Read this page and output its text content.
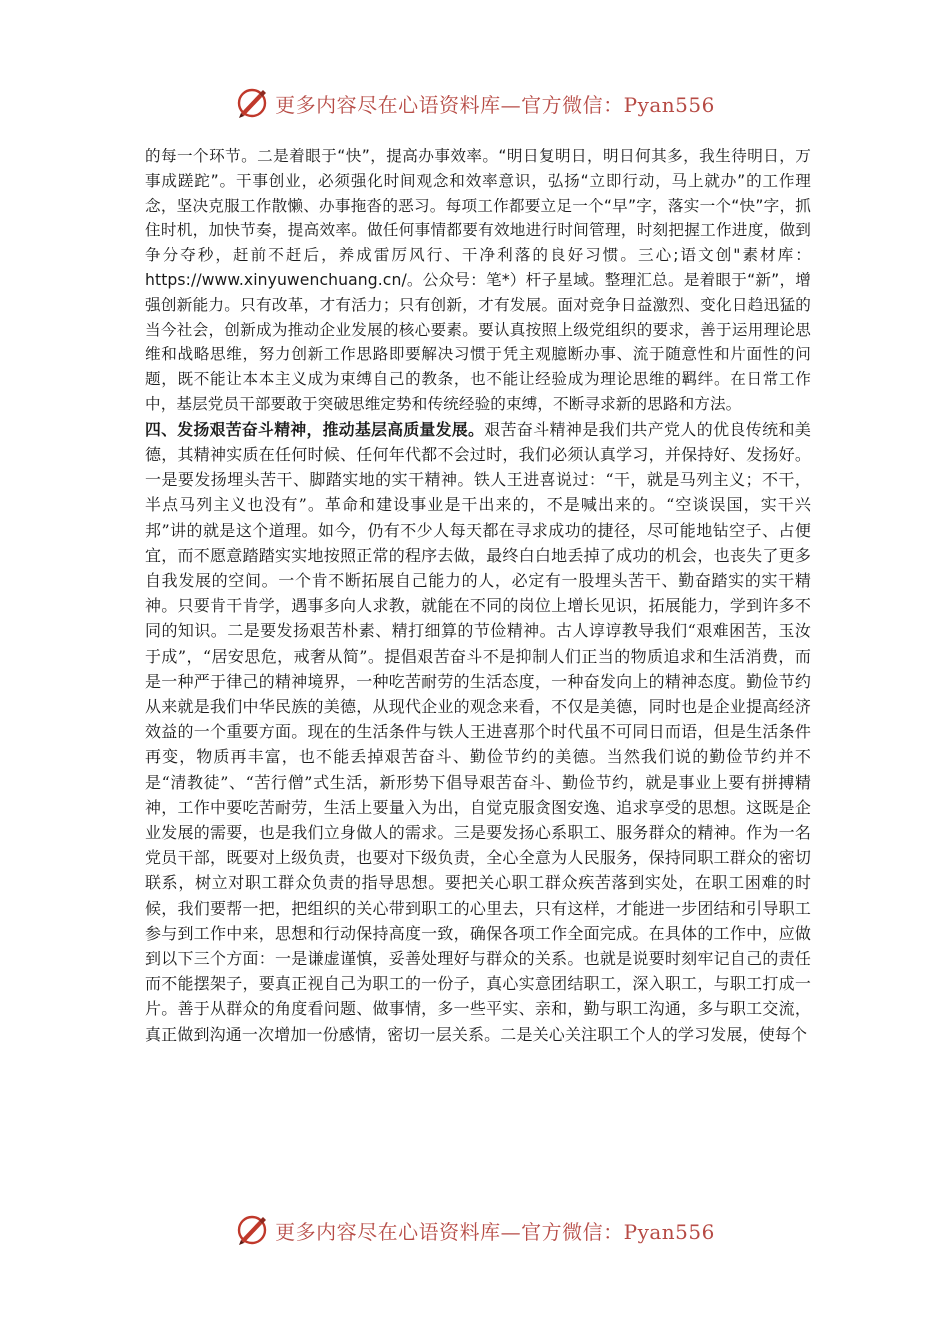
更多内容尽在心语资料库—官方微信：Pyan556

的每一个环节。二是着眼于“快”，提高办事效率。“明日复明日，明日何其多，我生待明日，万事成蹉跎”。干事创业，必须强化时间观念和效率意识，弘扬“立即行动，马上就办”的工作理念，坚决克服工作散懒、办事拖沓的恶习。每项工作都要立足一个“早”字，落实一个“快”字，抓住时机，加快节奏，提高效率。做任何事情都要有效地进行时间管理，时刻把握工作进度，做到争分夺秒，赶前不赶后，养成雷厉风行、干净利落的良好习惯。三心;语文创"素材库：https://www.xinyuwenchuang.cn/。公众号：笔*）杆子星域。整理汇总。是着眼于“新”，增强创新能力。只有改革，才有活力；只有创新，才有发展。面对竞争日益激烈、变化日趋迅猛的当今社会，创新成为推动企业发展的核心要素。要认真按照上级党组织的要求，善于运用理论思维和战略思维，努力创新工作思路即要解决习惯于凭主观臆断办事、流于随意性和片面性的问题，既不能让本本主义成为束缚自己的教条，也不能让经验成为理论思维的羁绊。在日常工作中，基层党员干部要敢于突破思维定势和传统经验的束缚，不断寻求新的思路和方法。

四、发扬艰苦奋斗精神，推动基层高质量发展。艰苦奋斗精神是我们共产党人的优良传统和美德，其精神实质在任何时候、任何年代都不会过时，我们必须认真学习，并保持好、发扬好。一是要发扬埋头苦干、脚踏实地的实干精神。铁人王进喜说过：“干，就是马列主义；不干，半点马列主义也没有”。革命和建设事业是干出来的，不是喊出来的。“空谈误国，实干兴邦”讲的就是这个道理。如今，仍有不少人每天都在寻求成功的捷径，尽可能地钻空子、占便宜，而不愿意踏踏实实地按照正常的程序去做，最终白白地丢掉了成功的机会，也丧失了更多自我发展的空间。一个肯不断拓展自己能力的人，必定有一股埋头苦干、勤奋踏实的实干精神。只要肯干肯学，遇事多向人求教，就能在不同的岗位上增长见识，拓展能力，学到许多不同的知识。二是要发扬艰苦朴素、精打细算的节俭精神。古人谆谆教导我们“艰难困苦，玉汝于成”，“居安思危，戒奢从简”。提倡艰苦奋斗不是抑制人们正当的物质追求和生活消费，而是一种严于律己的精神境界，一种吃苦耐劳的生活态度，一种奋发向上的精神态度。勤俭节约从来就是我们中华民族的美德，从现代企业的观念来看，不仅是美德，同时也是企业提高经济效益的一个重要方面。现在的生活条件与铁人王进喜那个时代虽不可同日而语，但是生活条件再变，物质再丰富，也不能丢掉艰苦奋斗、勤俭节约的美德。当然我们说的勤俭节约并不是“清教徒”、“苦行僧”式生活，新形势下倡导艰苦奋斗、勤俭节约，就是事业上要有拼搏精神，工作中要吃苦耐劳，生活上要量入为出，自觉克服贪图安逸、追求享受的思想。这既是企业发展的需要，也是我们立身做人的需求。三是要发扬心系职工、服务群众的精神。作为一名党员干部，既要对上级负责，也要对下级负责，全心全意为人民服务，保持同职工群众的密切联系，树立对职工群众负责的指导思想。要把关心职工群众疾苦落到实处，在职工困难的时候，我们要帮一把，把组织的关心带到职工的心里去，只有这样，才能进一步团结和引导职工参与到工作中来，思想和行动保持高度一致，确保各项工作全面完成。在具体的工作中，应做到以下三个方面：一是谦虚谨慎，妥善处理好与群众的关系。也就是说要时刻牢记自己的责任而不能摆架子，要真正视自己为职工的一份子，真心实意团结职工，深入职工，与职工打成一片。善于从群众的角度看问题、做事情，多一些平实、亲和，勤与职工沟通，多与职工交流，真正做到沟通一次增加一份感情，密切一层关系。二是关心关注职工个人的学习发展，使每个

更多内容尽在心语资料库—官方微信：Pyan556
